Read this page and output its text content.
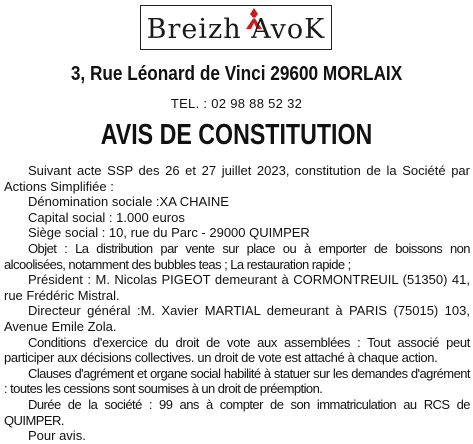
Breizh AvoK
3, Rue Léonard de Vinci 29600 MORLAIX
TEL. : 02 98 88 52 32
AVIS DE CONSTITUTION

Suivant acte SSP des 26 et 27 juillet 2023, constitution de la Société par Actions Simplifiée :

Dénomination sociale :XA CHAINE

Capital social : 1.000 euros

Siège social : 10, rue du Parc - 29000 QUIMPER

Objet : La distribution par vente sur place ou à emporter de boissons non alcoolisées, notamment des bubbles teas ; La restauration rapide ;

Président : M. Nicolas PIGEOT demeurant à CORMONTREUIL (51350) 41, rue Frédéric Mistral.

Directeur général :M. Xavier MARTIAL demeurant à PARIS (75015) 103, Avenue Emile Zola.

Conditions d'exercice du droit de vote aux assemblées : Tout associé peut participer aux décisions collectives. un droit de vote est attaché à chaque action.

Clauses d'agrément et organe social habilité à statuer sur les demandes d'agrément : toutes les cessions sont soumises à un droit de préemption.

Durée de la société : 99 ans à compter de son immatriculation au RCS de QUIMPER.

Pour avis.
